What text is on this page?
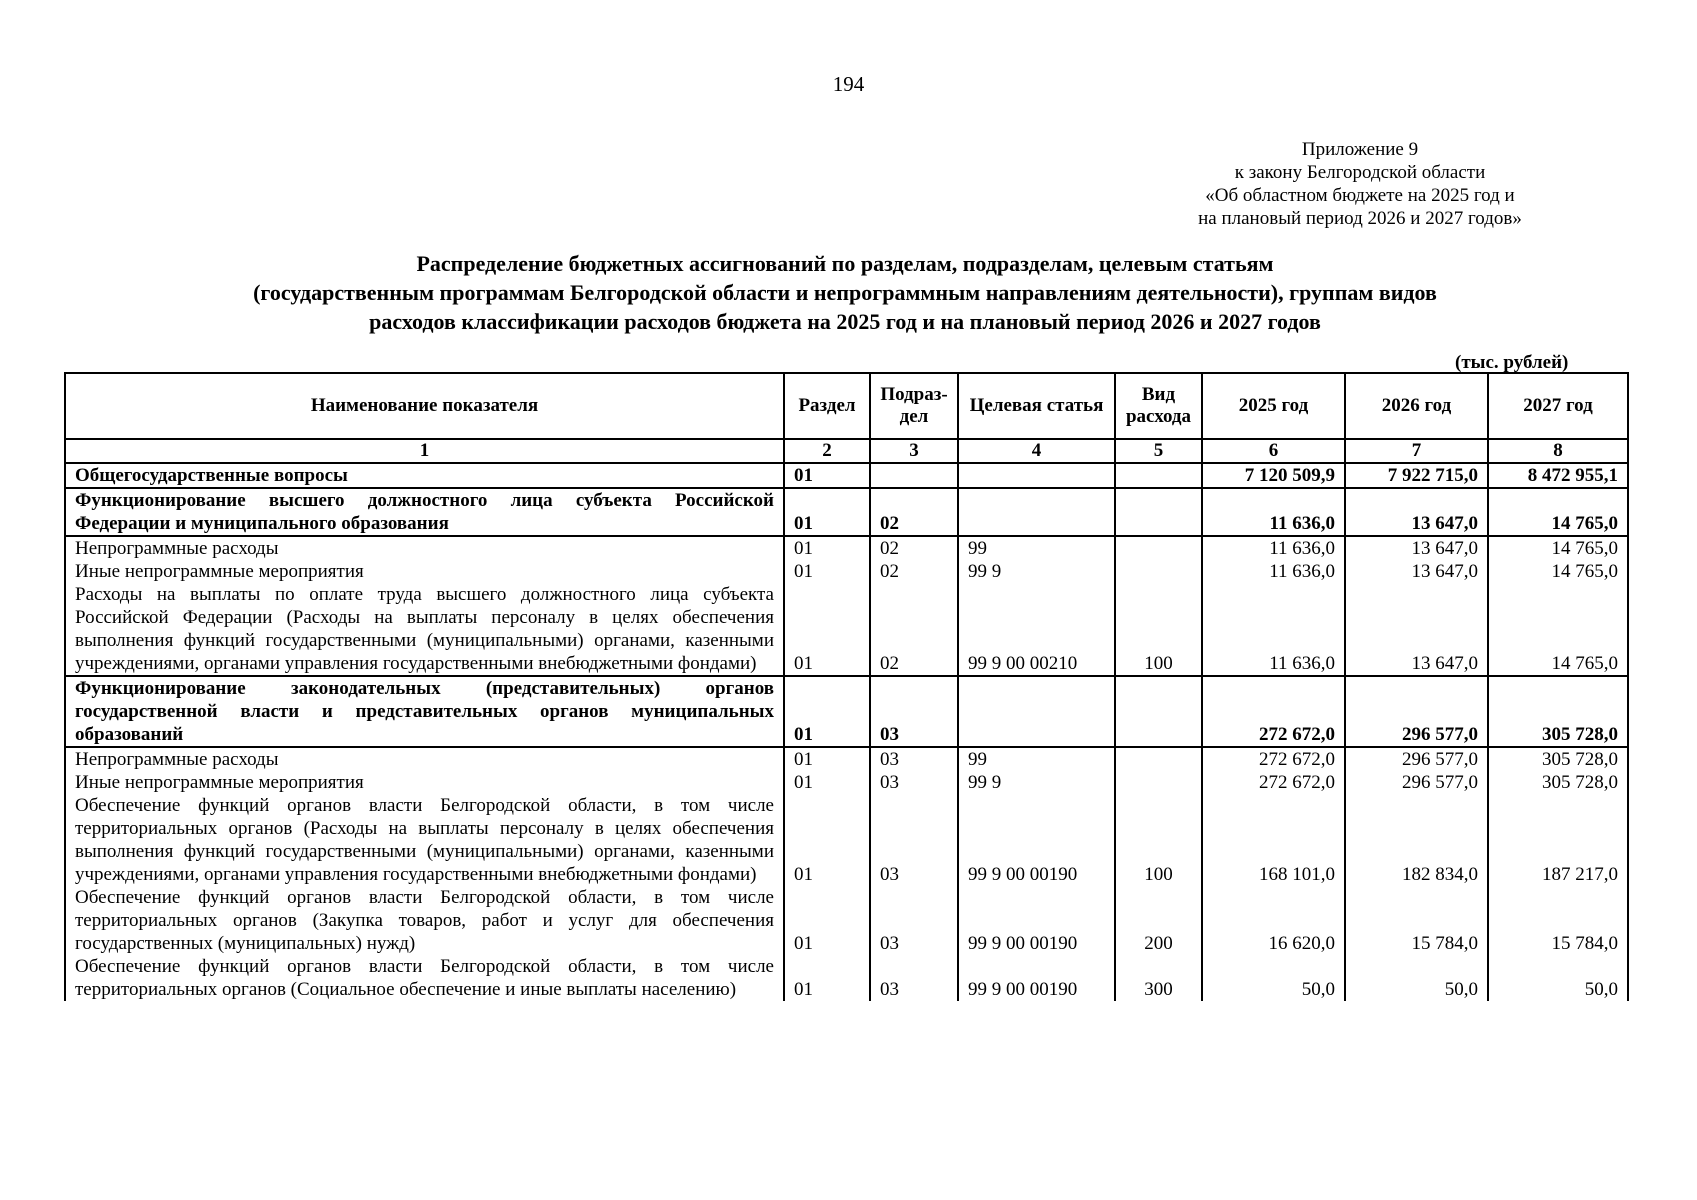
194
Приложение 9
к закону Белгородской области
«Об областном бюджете на 2025 год и
на плановый период 2026 и 2027 годов»
Распределение бюджетных ассигнований по разделам, подразделам, целевым статьям
(государственным программам Белгородской области и непрограммным направлениям деятельности), группам видов
расходов классификации расходов бюджета на 2025 год и на плановый период 2026 и 2027 годов
(тыс. рублей)
Наименование показателя	Раздел	Подраз-дел	Целевая статья	Вид расхода	2025 год	2026 год	2027 год
1	2	3	4	5	6	7	8
Общегосударственные вопросы	01				7 120 509,9	7 922 715,0	8 472 955,1
Функционирование высшего должностного лица субъекта Российской Федерации и муниципального образования	01	02			11 636,0	13 647,0	14 765,0
Непрограммные расходы	01	02	99		11 636,0	13 647,0	14 765,0
Иные непрограммные мероприятия	01	02	99 9		11 636,0	13 647,0	14 765,0
Расходы на выплаты по оплате труда высшего должностного лица субъекта Российской Федерации (Расходы на выплаты персоналу в целях обеспечения выполнения функций государственными (муниципальными) органами, казенными учреждениями, органами управления государственными внебюджетными фондами)	01	02	99 9 00 00210	100	11 636,0	13 647,0	14 765,0
Функционирование законодательных (представительных) органов государственной власти и представительных органов муниципальных образований	01	03			272 672,0	296 577,0	305 728,0
Непрограммные расходы	01	03	99		272 672,0	296 577,0	305 728,0
Иные непрограммные мероприятия	01	03	99 9		272 672,0	296 577,0	305 728,0
Обеспечение функций органов власти Белгородской области, в том числе территориальных органов (Расходы на выплаты персоналу в целях обеспечения выполнения функций государственными (муниципальными) органами, казенными учреждениями, органами управления государственными внебюджетными фондами)	01	03	99 9 00 00190	100	168 101,0	182 834,0	187 217,0
Обеспечение функций органов власти Белгородской области, в том числе территориальных органов (Закупка товаров, работ и услуг для обеспечения государственных (муниципальных) нужд)	01	03	99 9 00 00190	200	16 620,0	15 784,0	15 784,0
Обеспечение функций органов власти Белгородской области, в том числе территориальных органов (Социальное обеспечение и иные выплаты населению)	01	03	99 9 00 00190	300	50,0	50,0	50,0
